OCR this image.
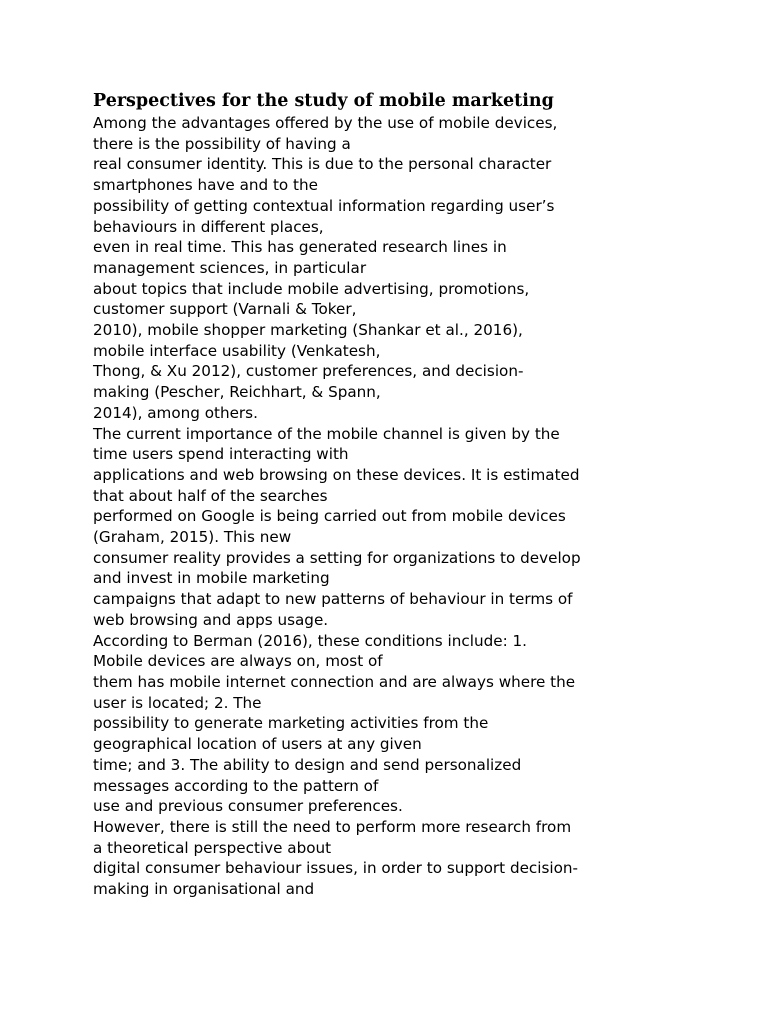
Perspectives for the study of mobile marketing
Among the advantages offered by the use of mobile devices,
there is the possibility of having a
real consumer identity. This is due to the personal character
smartphones have and to the
possibility of getting contextual information regarding user’s
behaviours in different places,
even in real time. This has generated research lines in
management sciences, in particular
about topics that include mobile advertising, promotions,
customer support (Varnali & Toker,
2010), mobile shopper marketing (Shankar et al., 2016),
mobile interface usability (Venkatesh,
Thong, & Xu 2012), customer preferences, and decision-
making (Pescher, Reichhart, & Spann,
2014), among others.
The current importance of the mobile channel is given by the
time users spend interacting with
applications and web browsing on these devices. It is estimated
that about half of the searches
performed on Google is being carried out from mobile devices
(Graham, 2015). This new
consumer reality provides a setting for organizations to develop
and invest in mobile marketing
campaigns that adapt to new patterns of behaviour in terms of
web browsing and apps usage.
According to Berman (2016), these conditions include: 1.
Mobile devices are always on, most of
them has mobile internet connection and are always where the
user is located; 2. The
possibility to generate marketing activities from the
geographical location of users at any given
time; and 3. The ability to design and send personalized
messages according to the pattern of
use and previous consumer preferences.
However, there is still the need to perform more research from
a theoretical perspective about
digital consumer behaviour issues, in order to support decision-
making in organisational and
